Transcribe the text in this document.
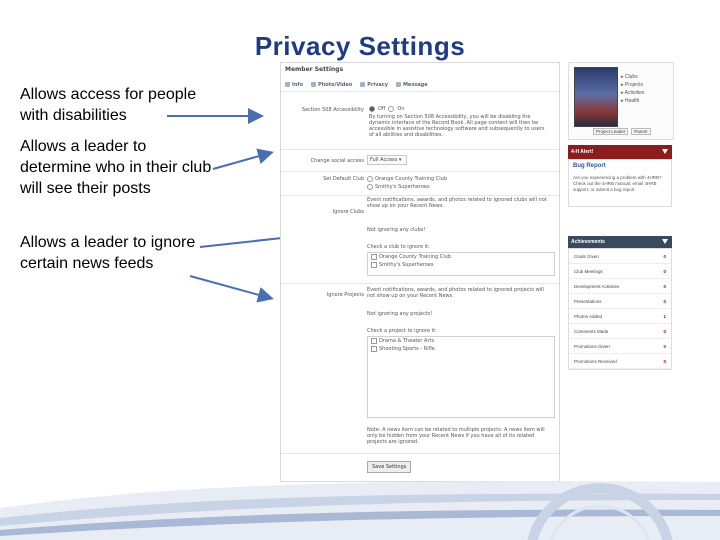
Privacy Settings
Allows access for people
with disabilities
Allows a leader to
determine who in their club
will see their posts
Allows a leader to ignore
certain news feeds
Member Settings
Info	Photo/Video	Privacy	Message
Section 508 Accessibility	Off On
By turning on Section 508 Accessibility, you will be disabling the dynamic interface of the Record Book. All page content will then be accessible in assistive technology software and subsequently to users of all abilities and disabilities.
Change social access	Full Access ▾
Set Default Club Orange County Training Club
Smithy's Superheroes
Ignore Clubs
Event notifications, awards, and photos related to ignored clubs will not show up on your Recent News.
Not ignoring any clubs!
Check a club to ignore it:
Orange County Training Club
Smithy's Superheroes
Ignore Projects
Event notifications, awards, and photos related to ignored projects will not show up on your Recent News.
Not ignoring any projects!
Check a project to ignore it:
Drama & Theater Arts
Shooting Sports - Rifle
Note: A news item can be related to multiple projects. A news item will only be hidden from your Recent News if you have all of its related projects are ignored.
Save Settings
▸ Clubs
▸ Projects
▸ Activities
▸ Health
Project Leader	Parent
4-H Alert!
Bug Report
Are you experiencing a problem with 4HRB? Check out the 4HRB manual, email 4HRB support, or submit a bug report.
Achievements
Goals Given	0
Club Meetings	0
Development Activities	0
Presentations	0
Photos Added	1
Comments Made	0
Promotions Given	0
Promotions Received	0
